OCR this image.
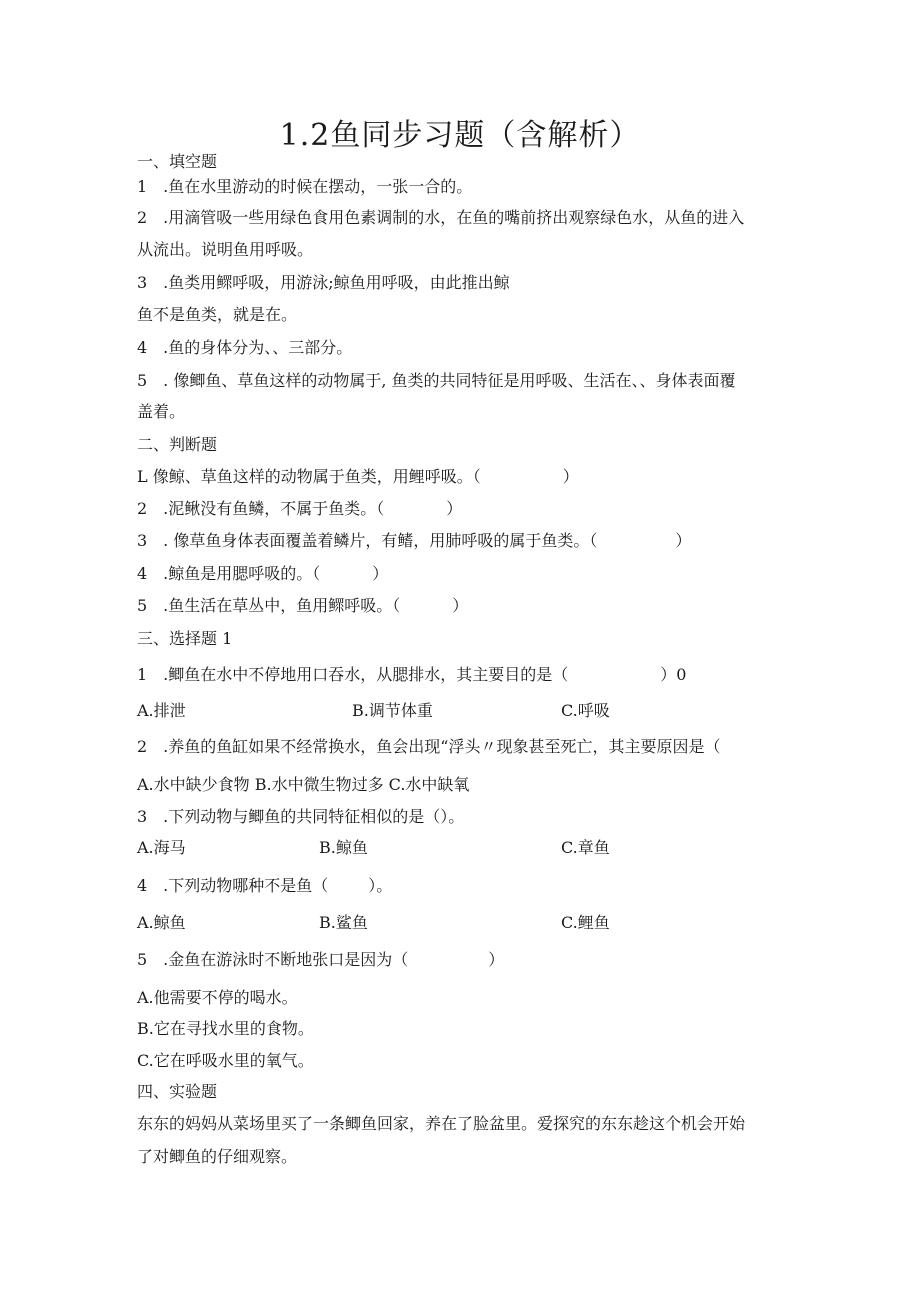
1.2鱼同步习题（含解析）
一、填空题
1　.鱼在水里游动的时候在摆动，一张一合的。
2　.用滴管吸一些用绿色食用色素调制的水，在鱼的嘴前挤出观察绿色水，从鱼的进入
从流出。说明鱼用呼吸。
3　.鱼类用鳏呼吸，用游泳;鲸鱼用呼吸，由此推出鲸
鱼不是鱼类，就是在。
4　.鱼的身体分为、、三部分。
5　. 像鲫鱼、草鱼这样的动物属于, 鱼类的共同特征是用呼吸、生活在、、身体表面覆
盖着。
二、判断题
L 像鲸、草鱼这样的动物属于鱼类，用鲤呼吸。（	）
2　.泥鳅没有鱼鳞，不属于鱼类。（	）
3　. 像草鱼身体表面覆盖着鳞片，有鳍，用肺呼吸的属于鱼类。（	）
4　.鲸鱼是用腮呼吸的。（	）
5　.鱼生活在草丛中，鱼用鳏呼吸。（	）
三、选择题 1
1　.鲫鱼在水中不停地用口吞水，从腮排水，其主要目的是（	）0
A.排泄	B.调节体重	C.呼吸
2　.养鱼的鱼缸如果不经常换水，鱼会出现“浮头〃现象甚至死亡，其主要原因是（
A.水中缺少食物 B.水中微生物过多 C.水中缺氧
3　.下列动物与鲫鱼的共同特征相似的是（）。
A.海马	B.鲸鱼	C.章鱼
4　.下列动物哪种不是鱼（	）。
A.鲸鱼	B.鲨鱼	C.鲤鱼
5　.金鱼在游泳时不断地张口是因为（	）
A.他需要不停的喝水。
B.它在寻找水里的食物。
C.它在呼吸水里的氧气。
四、实验题
东东的妈妈从菜场里买了一条鲫鱼回家，养在了脸盆里。爱探究的东东趁这个机会开始
了对鲫鱼的仔细观察。
